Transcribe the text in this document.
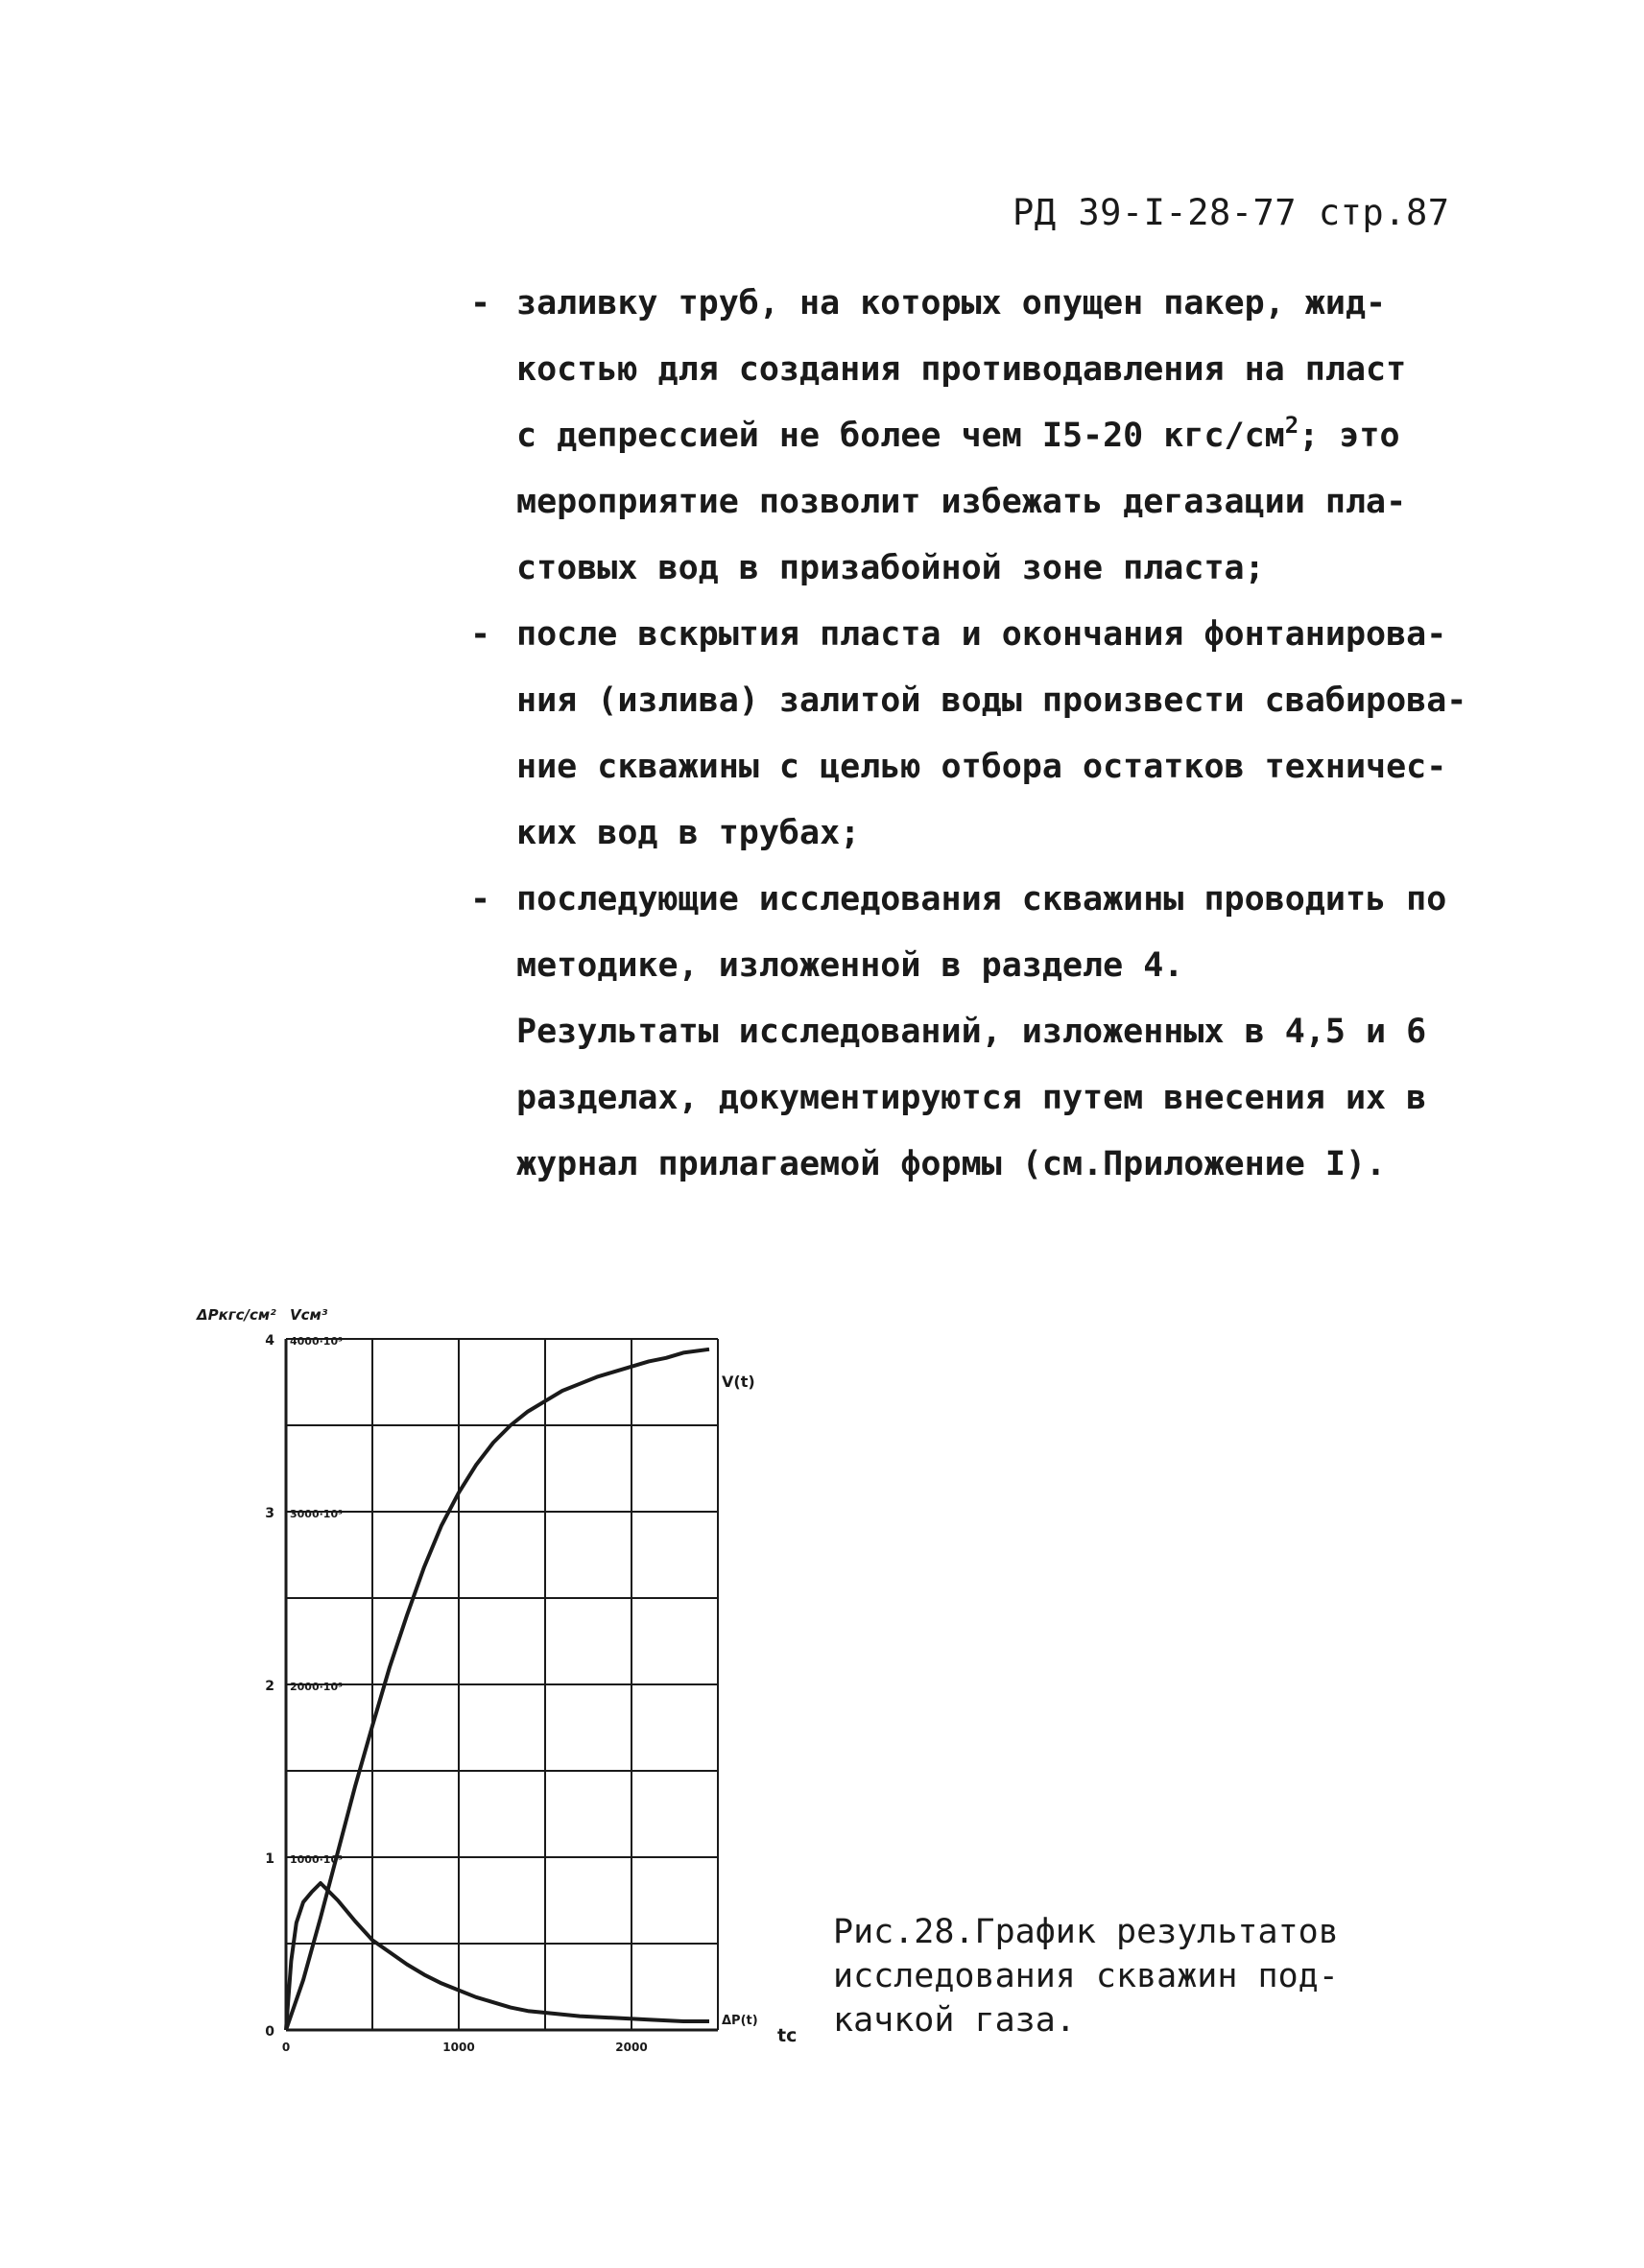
РД 39-I-28-77 стр.87
- заливку труб, на которых опущен пакер, жид-
костью для создания противодавления на пласт
с депрессией не более чем I5-20 кгс/$см^2$; это
мероприятие позволит избежать дегазации пла-
стовых вод в призабойной зоне пласта;
- после вскрытия пласта и окончания фонтанирова-
ния (излива) залитой воды произвести свабирова-
ние скважины с целью отбора остатков техничес-
ких вод в трубах;
- последующие исследования скважины проводить по
методике, изложенной в разделе 4.
Результаты исследований, изложенных в 4,5 и 6
разделах, документируются путем внесения их в
журнал прилагаемой формы (см.Приложение I).
0
1
2
3
4
1000·10³
2000·10³
3000·10³
4000·10³
0	1000	2000
ΔPкгс/см² Vсм³
tс
V(t)
ΔP(t)
Рис.28.График результатов
исследования скважин под-
качкой газа.
